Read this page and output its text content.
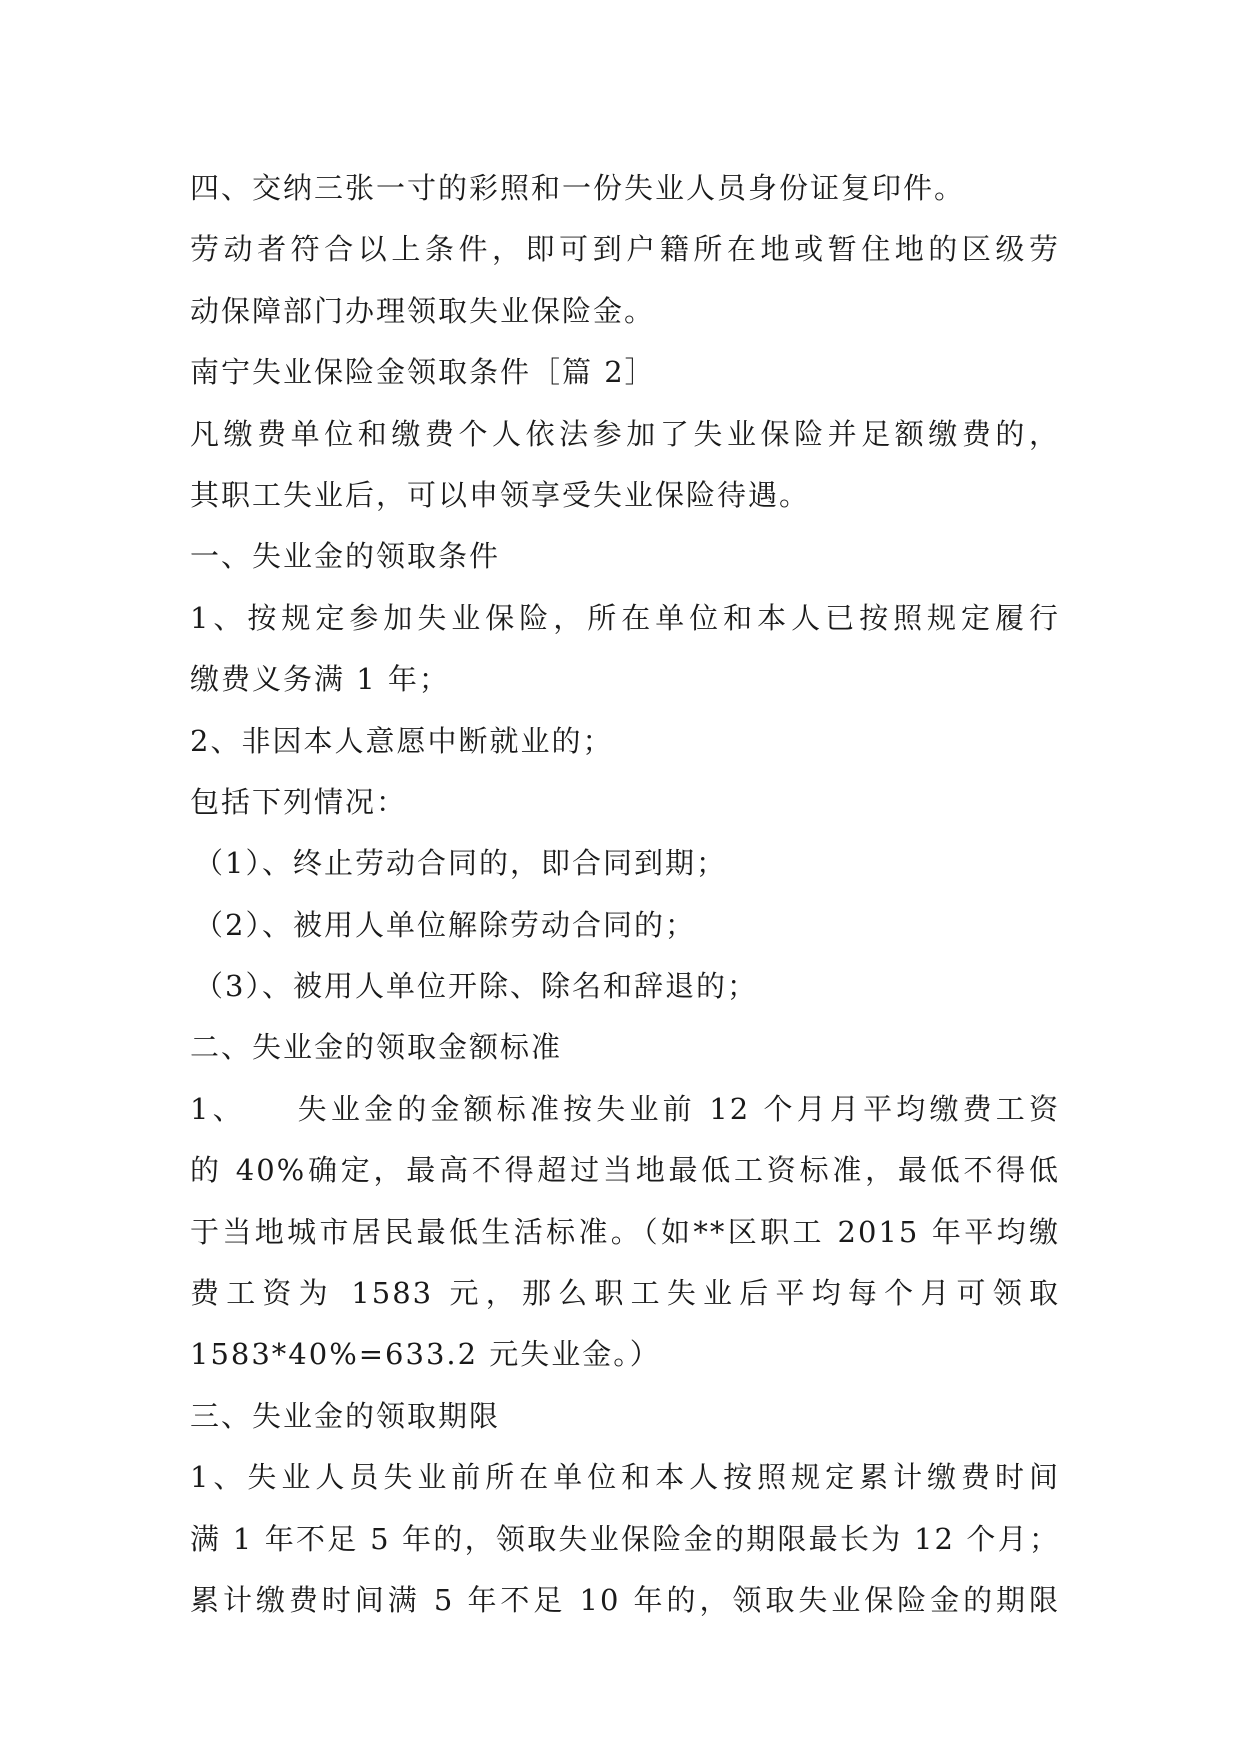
四、交纳三张一寸的彩照和一份失业人员身份证复印件。
劳动者符合以上条件，即可到户籍所在地或暂住地的区级劳
动保障部门办理领取失业保险金。
南宁失业保险金领取条件［篇 2］
凡缴费单位和缴费个人依法参加了失业保险并足额缴费的，
其职工失业后，可以申领享受失业保险待遇。
一、失业金的领取条件
1、按规定参加失业保险，所在单位和本人已按照规定履行
缴费义务满 1 年；
2、非因本人意愿中断就业的；
包括下列情况：
（1）、终止劳动合同的，即合同到期；
（2）、被用人单位解除劳动合同的；
（3）、被用人单位开除、除名和辞退的；
二、失业金的领取金额标准
1、　　失业金的金额标准按失业前 12 个月月平均缴费工资
的 40%确定，最高不得超过当地最低工资标准，最低不得低
于当地城市居民最低生活标准。（如**区职工 2015 年平均缴
费工资为 1583 元，那么职工失业后平均每个月可领取
1583*40%=633.2 元失业金。）
三、失业金的领取期限
1、失业人员失业前所在单位和本人按照规定累计缴费时间
满 1 年不足 5 年的，领取失业保险金的期限最长为 12 个月；
累计缴费时间满 5 年不足 10 年的，领取失业保险金的期限
